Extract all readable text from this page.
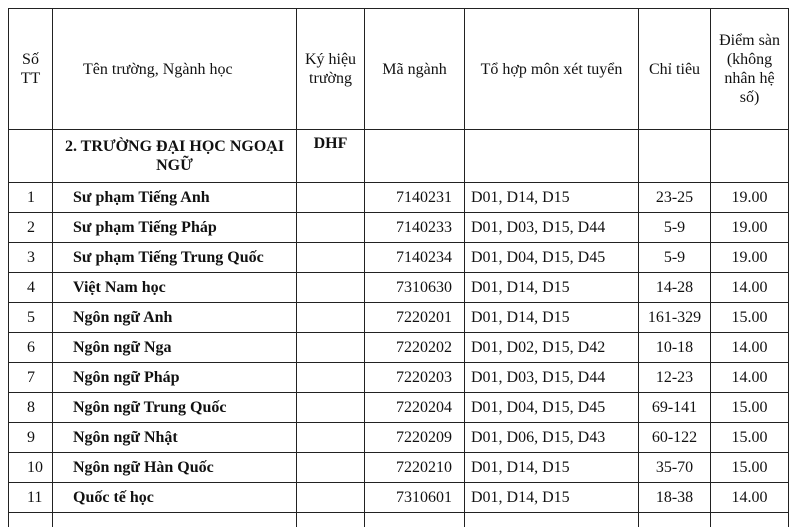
Số TT	Tên trường, Ngành học	Ký hiệu trường	Mã ngành	Tổ hợp môn xét tuyển	Chỉ tiêu	Điểm sàn (không nhân hệ số)
	2. TRƯỜNG ĐẠI HỌC NGOẠI NGỮ	DHF				
1	Sư phạm Tiếng Anh		7140231	D01, D14, D15	23-25	19.00
2	Sư phạm Tiếng Pháp		7140233	D01, D03, D15, D44	5-9	19.00
3	Sư phạm Tiếng Trung Quốc		7140234	D01, D04, D15, D45	5-9	19.00
4	Việt Nam học		7310630	D01, D14, D15	14-28	14.00
5	Ngôn ngữ Anh		7220201	D01, D14, D15	161-329	15.00
6	Ngôn ngữ Nga		7220202	D01, D02, D15, D42	10-18	14.00
7	Ngôn ngữ Pháp		7220203	D01, D03, D15, D44	12-23	14.00
8	Ngôn ngữ Trung Quốc		7220204	D01, D04, D15, D45	69-141	15.00
9	Ngôn ngữ Nhật		7220209	D01, D06, D15, D43	60-122	15.00
10	Ngôn ngữ Hàn Quốc		7220210	D01, D14, D15	35-70	15.00
11	Quốc tế học		7310601	D01, D14, D15	18-38	14.00
